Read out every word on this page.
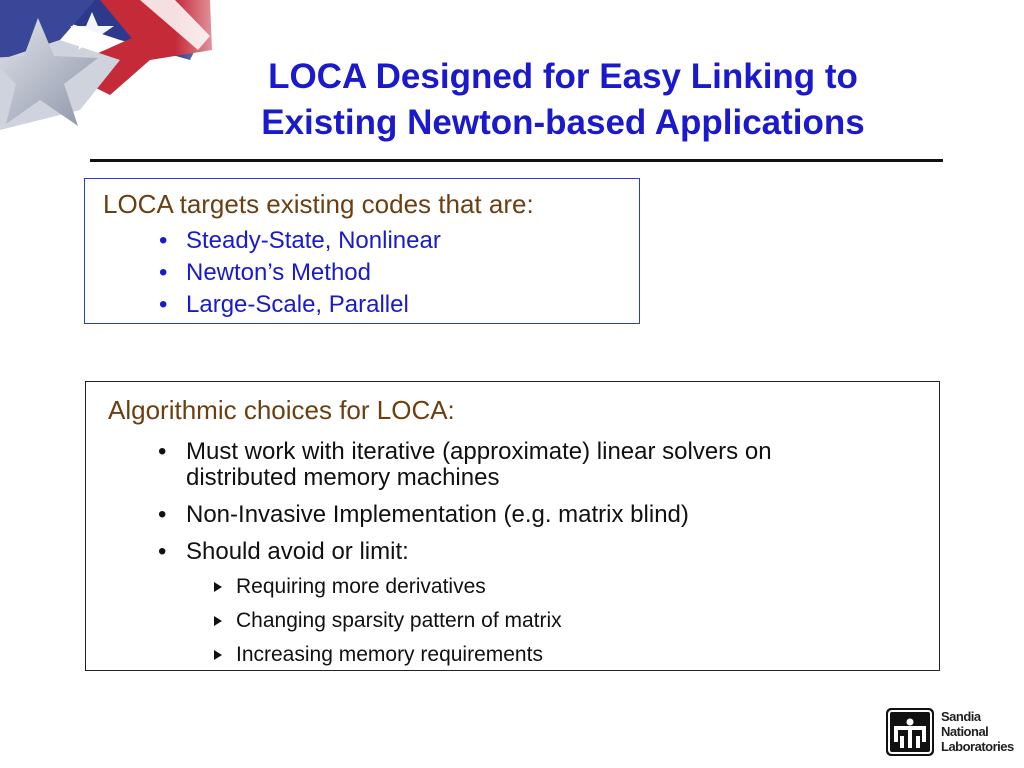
LOCA Designed for Easy Linking to
Existing Newton-based Applications
LOCA targets existing codes that are:
• Steady-State, Nonlinear
• Newton’s Method
• Large-Scale, Parallel
Algorithmic choices for LOCA:
• Must work with iterative (approximate) linear solvers on distributed memory machines
• Non-Invasive Implementation (e.g. matrix blind)
• Should avoid or limit:
Requiring more derivatives
Changing sparsity pattern of matrix
Increasing memory requirements
Sandia
National
Laboratories
